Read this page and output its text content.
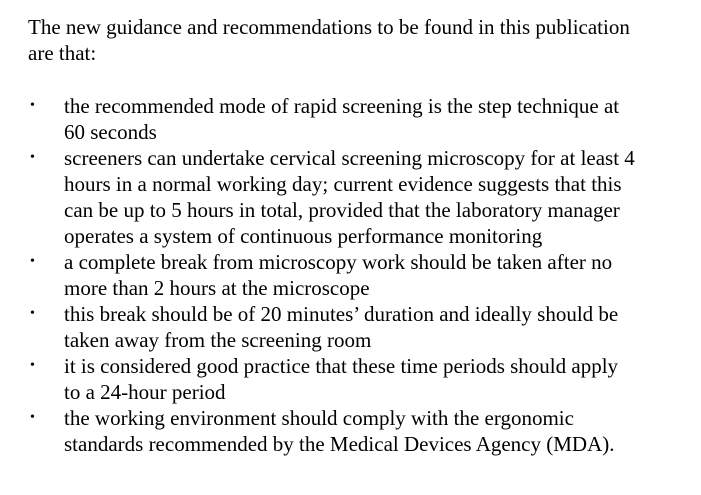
The new guidance and recommendations to be found in this publication
are that:

• the recommended mode of rapid screening is the step technique at
60 seconds
• screeners can undertake cervical screening microscopy for at least 4
hours in a normal working day; current evidence suggests that this
can be up to 5 hours in total, provided that the laboratory manager
operates a system of continuous performance monitoring
• a complete break from microscopy work should be taken after no
more than 2 hours at the microscope
• this break should be of 20 minutes’ duration and ideally should be
taken away from the screening room
• it is considered good practice that these time periods should apply
to a 24-hour period
• the working environment should comply with the ergonomic
standards recommended by the Medical Devices Agency (MDA).
